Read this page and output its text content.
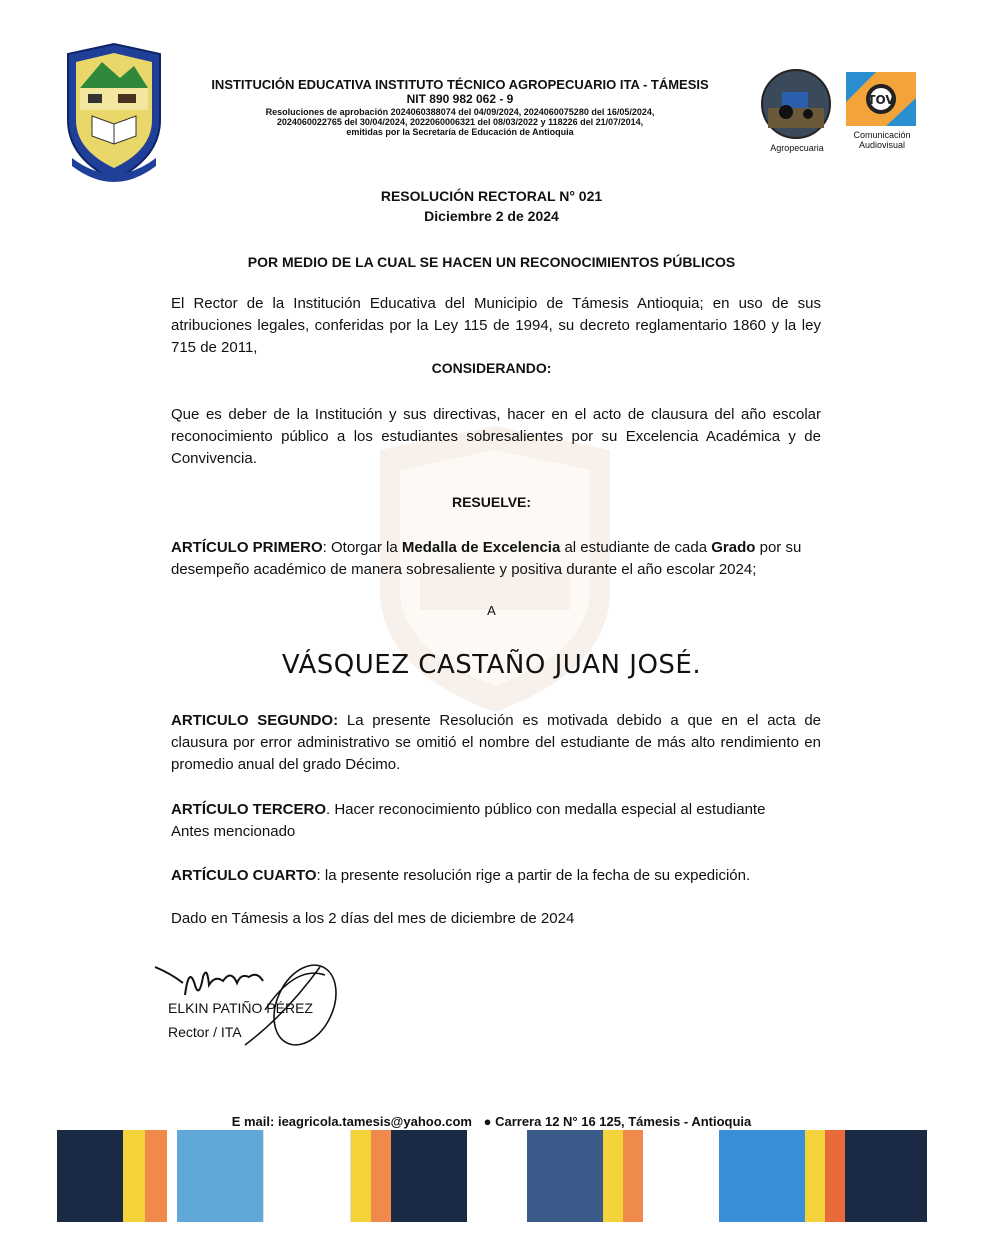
INSTITUCIÓN EDUCATIVA INSTITUTO TÉCNICO AGROPECUARIO ITA - TÁMESIS
NIT 890 982 062 - 9
Resoluciones de aprobación 2024060388074 del 04/09/2024, 2024060075280 del 16/05/2024,
2024060022765 del 30/04/2024, 2022060006321 del 08/03/2022 y 118226 del 21/07/2014,
emitidas por la Secretaría de Educación de Antioquia
Agropecuaria
TOV
Comunicación
Audiovisual
RESOLUCIÓN RECTORAL N° 021
Diciembre 2 de 2024
POR MEDIO DE LA CUAL SE HACEN UN RECONOCIMIENTOS PÚBLICOS
El Rector de la Institución Educativa del Municipio de Támesis Antioquia; en uso de sus atribuciones legales, conferidas por la Ley 115 de 1994, su decreto reglamentario 1860 y la ley 715 de 2011,
CONSIDERANDO:
Que es deber de la Institución y sus directivas, hacer en el acto de clausura del año escolar reconocimiento público a los estudiantes sobresalientes por su Excelencia Académica y de Convivencia.
RESUELVE:
ARTÍCULO PRIMERO: Otorgar la Medalla de Excelencia al estudiante de cada Grado por su desempeño académico de manera sobresaliente y positiva durante el año escolar 2024;
A
VÁSQUEZ CASTAÑO JUAN JOSÉ.
ARTICULO SEGUNDO: La presente Resolución es motivada debido a que en el acta de clausura por error administrativo se omitió el nombre del estudiante de más alto rendimiento en promedio anual del grado Décimo.
ARTÍCULO TERCERO. Hacer reconocimiento público con medalla especial al estudiante Antes mencionado
ARTÍCULO CUARTO: la presente resolución rige a partir de la fecha de su expedición.
Dado en Támesis a los 2 días del mes de diciembre de 2024
ELKIN PATIÑO PÉREZ
Rector / ITA
E mail: ieagricola.tamesis@yahoo.com ● Carrera 12 N° 16 125, Támesis - Antioquia
